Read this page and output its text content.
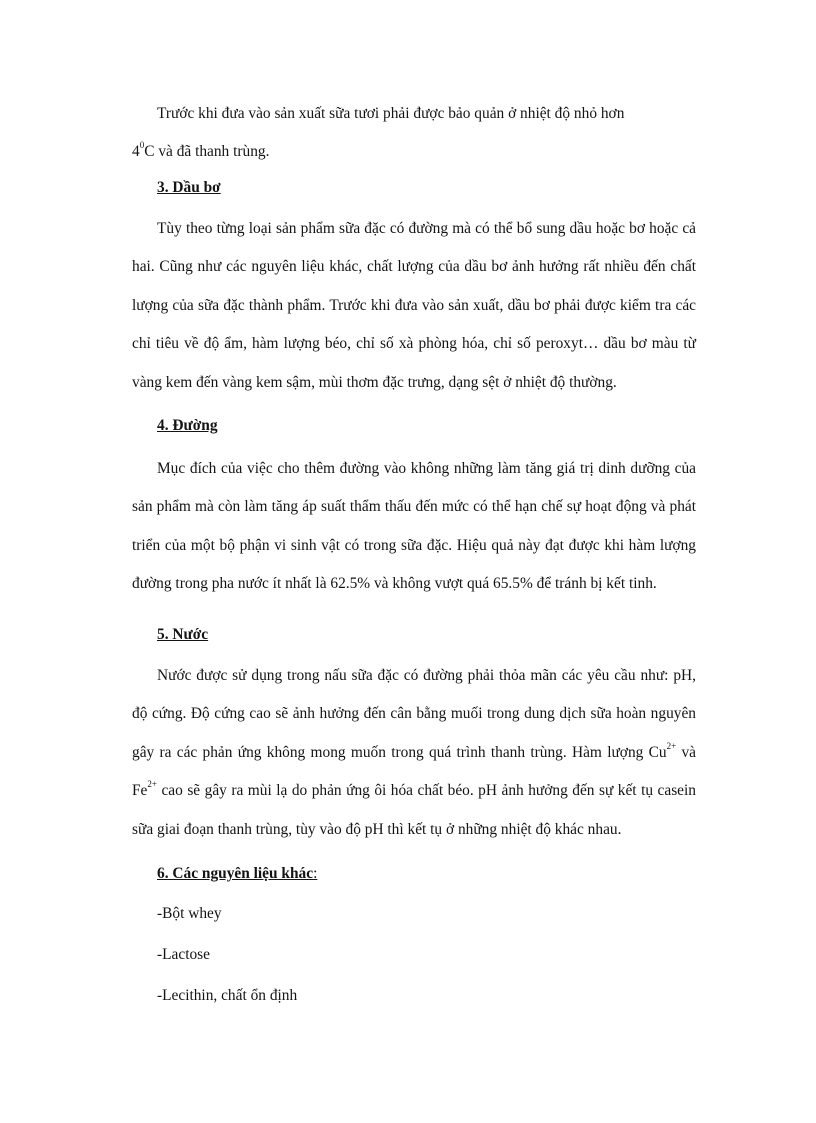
Trước khi đưa vào sản xuất sữa tươi phải được bảo quản ở nhiệt độ nhỏ hơn
$4^0C$ và đã thanh trùng.

3. Dầu bơ

Tùy theo từng loại sản phẩm sữa đặc có đường mà có thể bổ sung dầu hoặc bơ hoặc cả hai. Cũng như các nguyên liệu khác, chất lượng của dầu bơ ảnh hưởng rất nhiều đến chất lượng của sữa đặc thành phẩm. Trước khi đưa vào sản xuất, dầu bơ phải được kiểm tra các chỉ tiêu về độ ẩm, hàm lượng béo, chỉ số xà phòng hóa, chỉ số peroxyt… dầu bơ màu từ vàng kem đến vàng kem sậm, mùi thơm đặc trưng, dạng sệt ở nhiệt độ thường.

4. Đường

Mục đích của việc cho thêm đường vào không những làm tăng giá trị dinh dưỡng của sản phẩm mà còn làm tăng áp suất thẩm thấu đến mức có thể hạn chế sự hoạt động và phát triển của một bộ phận vi sinh vật có trong sữa đặc. Hiệu quả này đạt được khi hàm lượng đường trong pha nước ít nhất là 62.5% và không vượt quá 65.5% để tránh bị kết tinh.

5. Nước

Nước được sử dụng trong nấu sữa đặc có đường phải thỏa mãn các yêu cầu như: pH, độ cứng. Độ cứng cao sẽ ảnh hưởng đến cân bằng muối trong dung dịch sữa hoàn nguyên gây ra các phản ứng không mong muốn trong quá trình thanh trùng. Hàm lượng $Cu^{2+}$ và $Fe^{2+}$ cao sẽ gây ra mùi lạ do phản ứng ôi hóa chất béo. pH ảnh hưởng đến sự kết tụ casein sữa giai đoạn thanh trùng, tùy vào độ pH thì kết tụ ở những nhiệt độ khác nhau.

6. Các nguyên liệu khác:
-Bột whey
-Lactose
-Lecithin, chất ổn định
